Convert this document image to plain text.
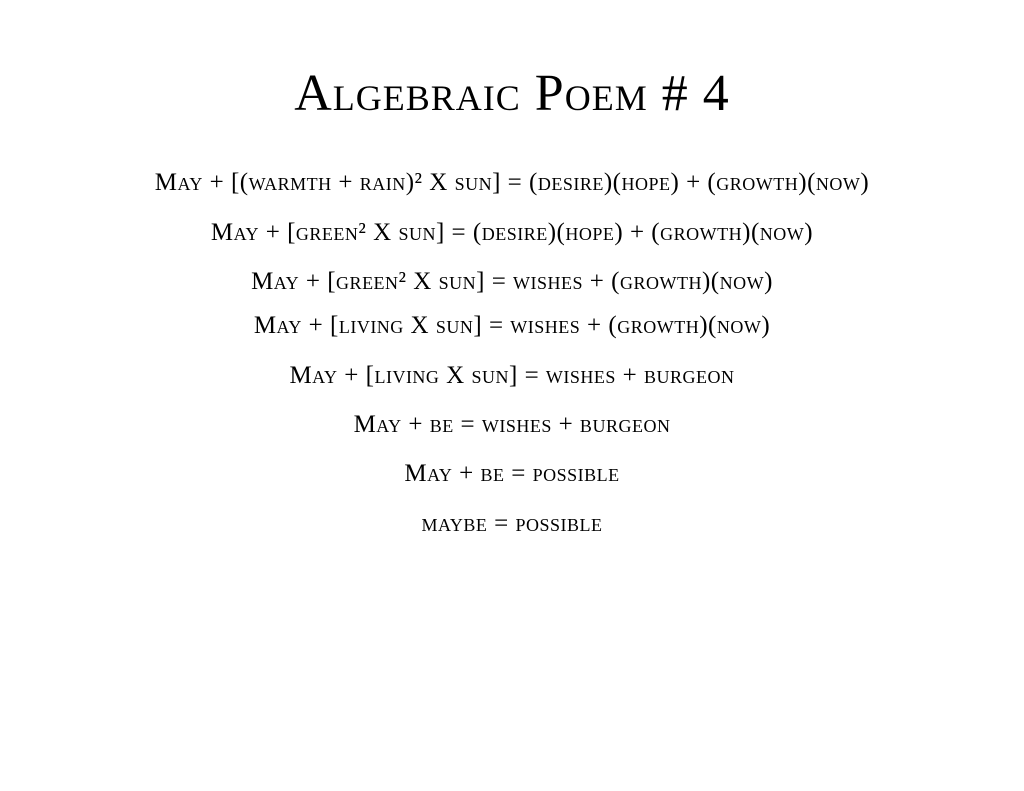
Algebraic Poem # 4
May + [(warmth + rain)² X sun] = (desire)(hope) + (growth)(now)
May + [green² X sun] = (desire)(hope) + (growth)(now)
May + [green² X sun] = wishes + (growth)(now)
May + [living X sun] = wishes + (growth)(now)
May + [living X sun] = wishes + burgeon
May + be = wishes + burgeon
May + be = possible
maybe = possible
